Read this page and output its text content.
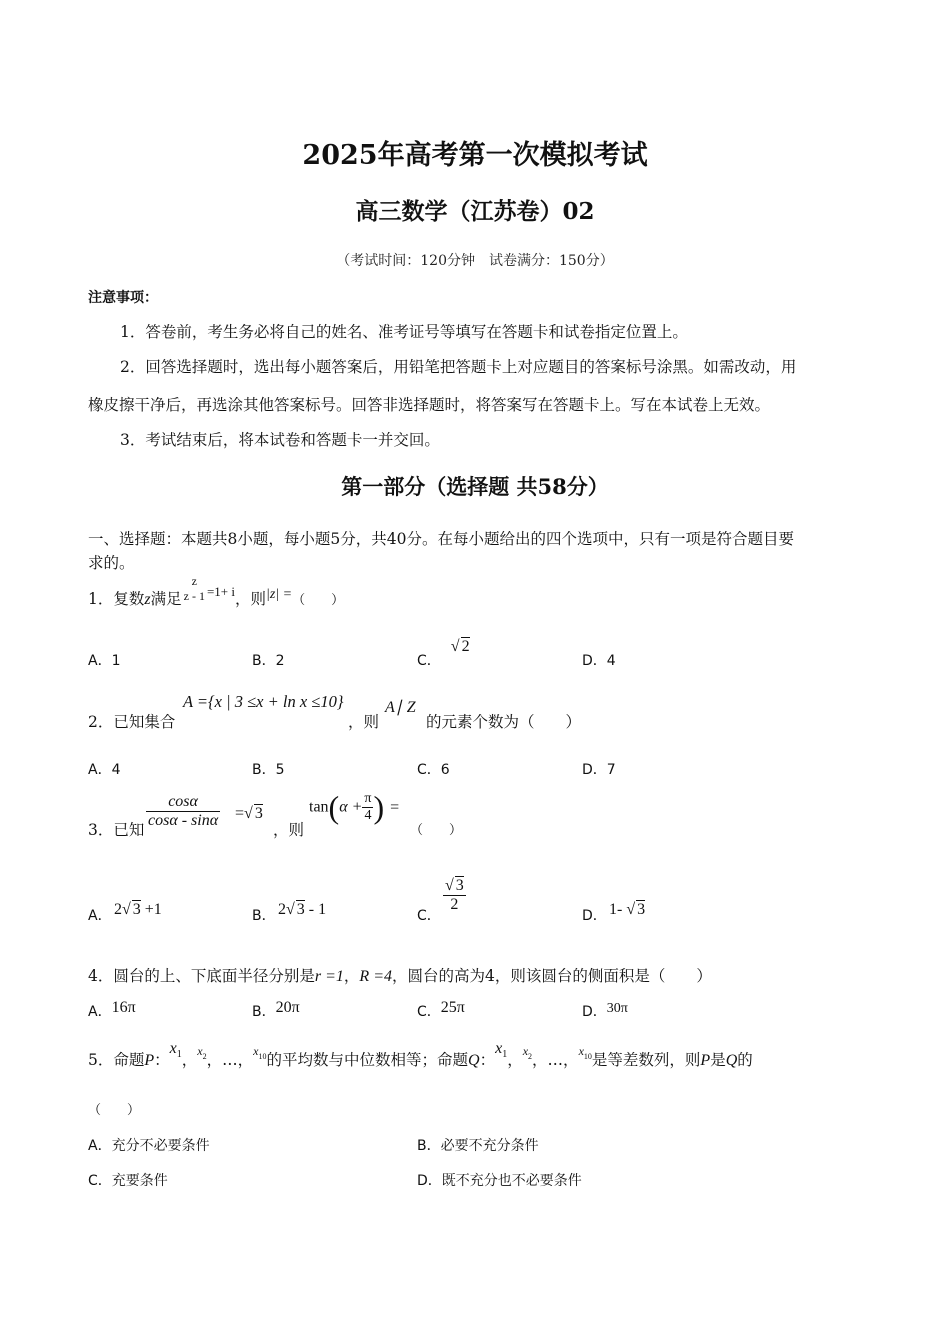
2025年高考第一次模拟考试
高三数学（江苏卷）02
（考试时间：120分钟　试卷满分：150分）
注意事项：
1．答卷前，考生务必将自己的姓名、准考证号等填写在答题卡和试卷指定位置上。
2．回答选择题时，选出每小题答案后，用铅笔把答题卡上对应题目的答案标号涂黑。如需改动，用
橡皮擦干净后，再选涂其他答案标号。回答非选择题时，将答案写在答题卡上。写在本试卷上无效。
3．考试结束后，将本试卷和答题卡一并交回。
第一部分（选择题 共58分）
一、选择题：本题共8小题，每小题5分，共40分。在每小题给出的四个选项中，只有一项是符合题目要
求的。
1．复数z满足
z
z - 1 $^{=1+ i}$，则|z| =（　　）
A．1	B．2	C．√ 2
D．4
2．已知集合
A ={x | 3 ≤x + ln x ≤10}
，则
A∣ Z
的元素个数为（　　）
A．4	B．5	C．6	D．7
3．已知 $\frac{\cos\alpha}{\cos\alpha - \sin\alpha}$ =√ 3
，则
$\tan(\alpha + \frac{\pi}{4}$ ) =
（　　）
A． 2√ 3 +1	B． 2√ 3 - 1	C．
$\frac{√ 3}{2}$
D． 1- √ 3
4．圆台的上、下底面半径分别是r =1，R =4，圆台的高为4，则该圆台的侧面积是（　　）
A．16π	B．20π	C．25π	D．30π
5．命题P：$x_1$，$^{x_2}$，…，$^{x_{10}}$的平均数与中位数相等；命题Q：$x_1$，$^{x_2}$，…，$^{x_{10}}$是等差数列，则P是Q的
（　　）
A．充分不必要条件	B．必要不充分条件
C．充要条件	D．既不充分也不必要条件
